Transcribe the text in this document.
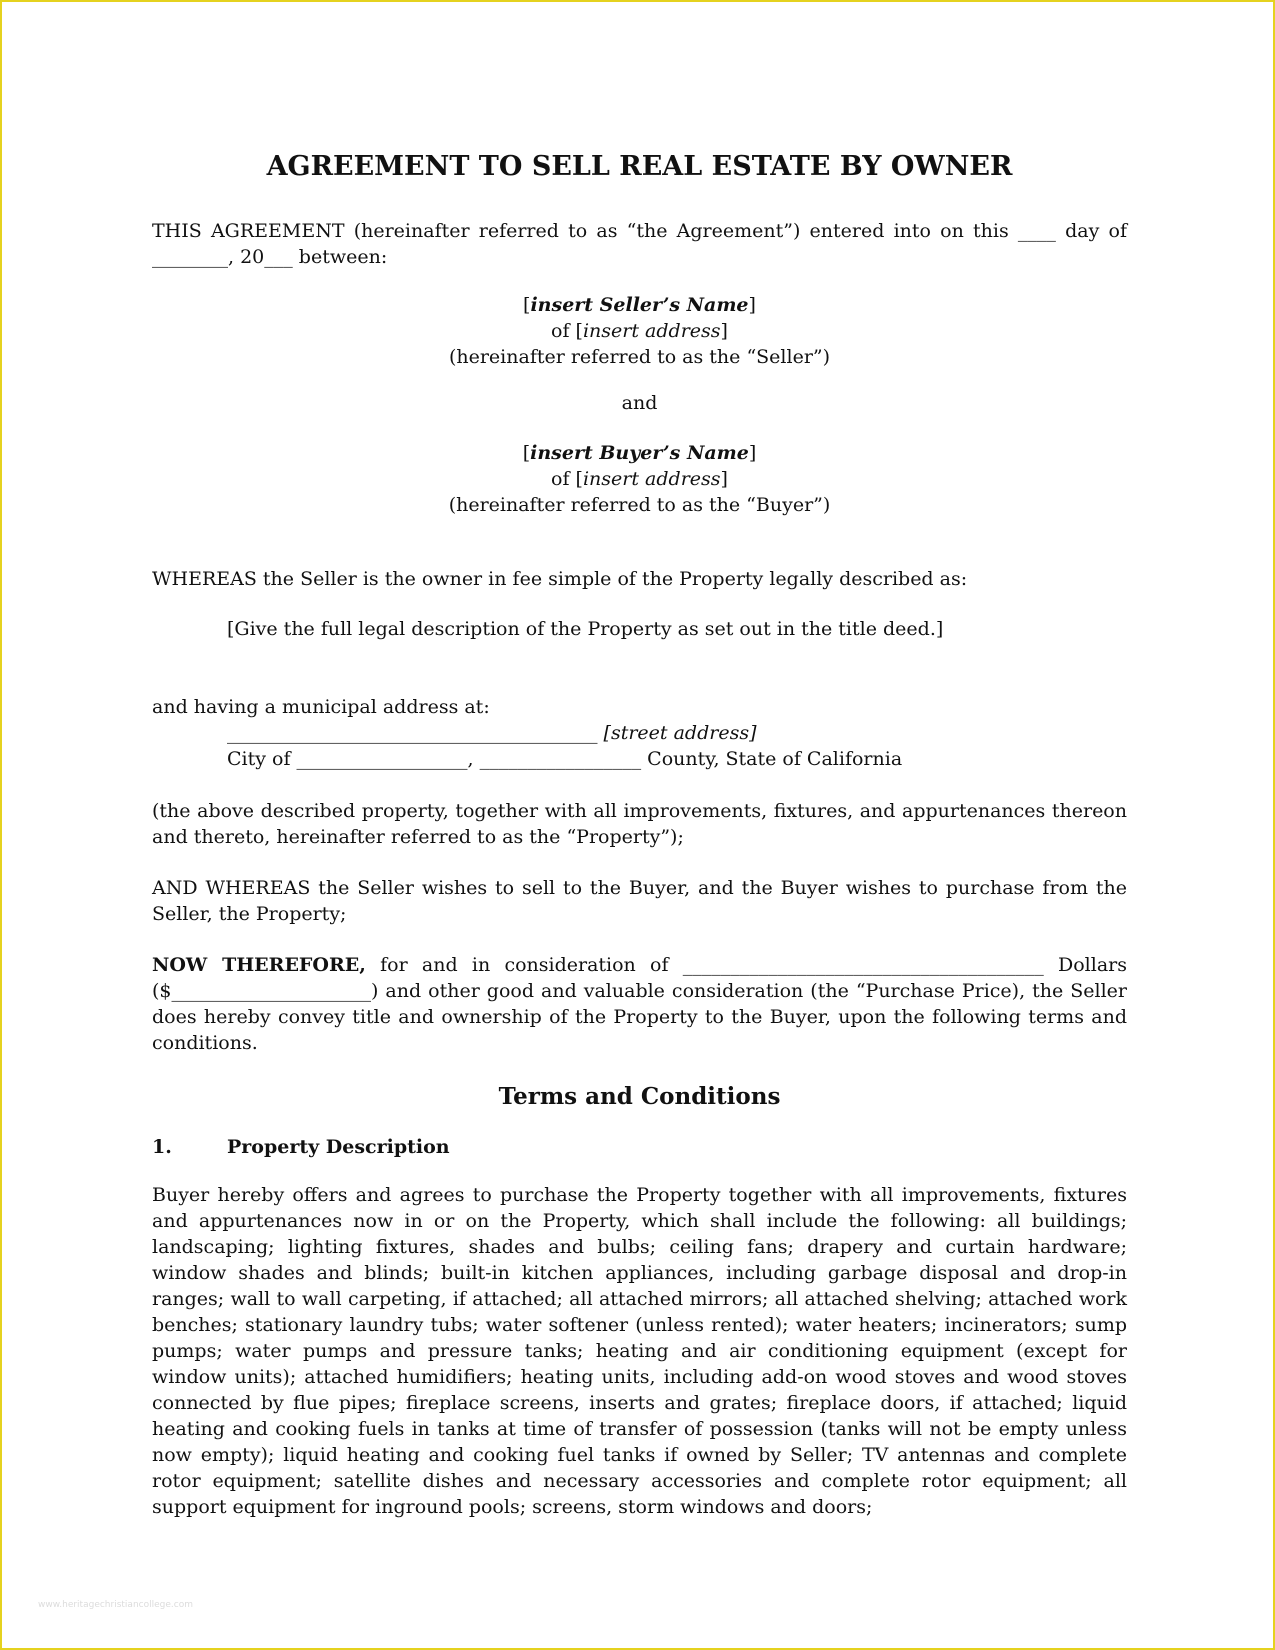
AGREEMENT TO SELL REAL ESTATE BY OWNER

THIS AGREEMENT (hereinafter referred to as “the Agreement”) entered into on this ____ day of

________, 20___ between:

[insert Seller’s Name]

of [insert address]

(hereinafter referred to as the “Seller”)

and

[insert Buyer’s Name]

of [insert address]

(hereinafter referred to as the “Buyer”)

WHEREAS the Seller is the owner in fee simple of the Property legally described as:

[Give the full legal description of the Property as set out in the title deed.]

and having a municipal address at:

_______________________________________ [street address]

City of __________________, _________________ County, State of California

(the above described property, together with all improvements, fixtures, and appurtenances thereon and thereto, hereinafter referred to as the “Property”);

AND WHEREAS the Seller wishes to sell to the Buyer, and the Buyer wishes to purchase from the Seller, the Property;

NOW THEREFORE, for and in consideration of ______________________________________ Dollars ($_____________________) and other good and valuable consideration (the “Purchase Price), the Seller does hereby convey title and ownership of the Property to the Buyer, upon the following terms and conditions.

Terms and Conditions
1.	Property Description

Buyer hereby offers and agrees to purchase the Property together with all improvements, fixtures and appurtenances now in or on the Property, which shall include the following: all buildings; landscaping; lighting fixtures, shades and bulbs; ceiling fans; drapery and curtain hardware; window shades and blinds; built-in kitchen appliances, including garbage disposal and drop-in ranges; wall to wall carpeting, if attached; all attached mirrors; all attached shelving; attached work benches; stationary laundry tubs; water softener (unless rented); water heaters; incinerators; sump pumps; water pumps and pressure tanks; heating and air conditioning equipment (except for window units); attached humidifiers; heating units, including add-on wood stoves and wood stoves connected by flue pipes; fireplace screens, inserts and grates; fireplace doors, if attached; liquid heating and cooking fuels in tanks at time of transfer of possession (tanks will not be empty unless now empty); liquid heating and cooking fuel tanks if owned by Seller; TV antennas and complete rotor equipment; satellite dishes and necessary accessories and complete rotor equipment; all support equipment for inground pools; screens, storm windows and doors;

www.heritagechristiancollege.com
